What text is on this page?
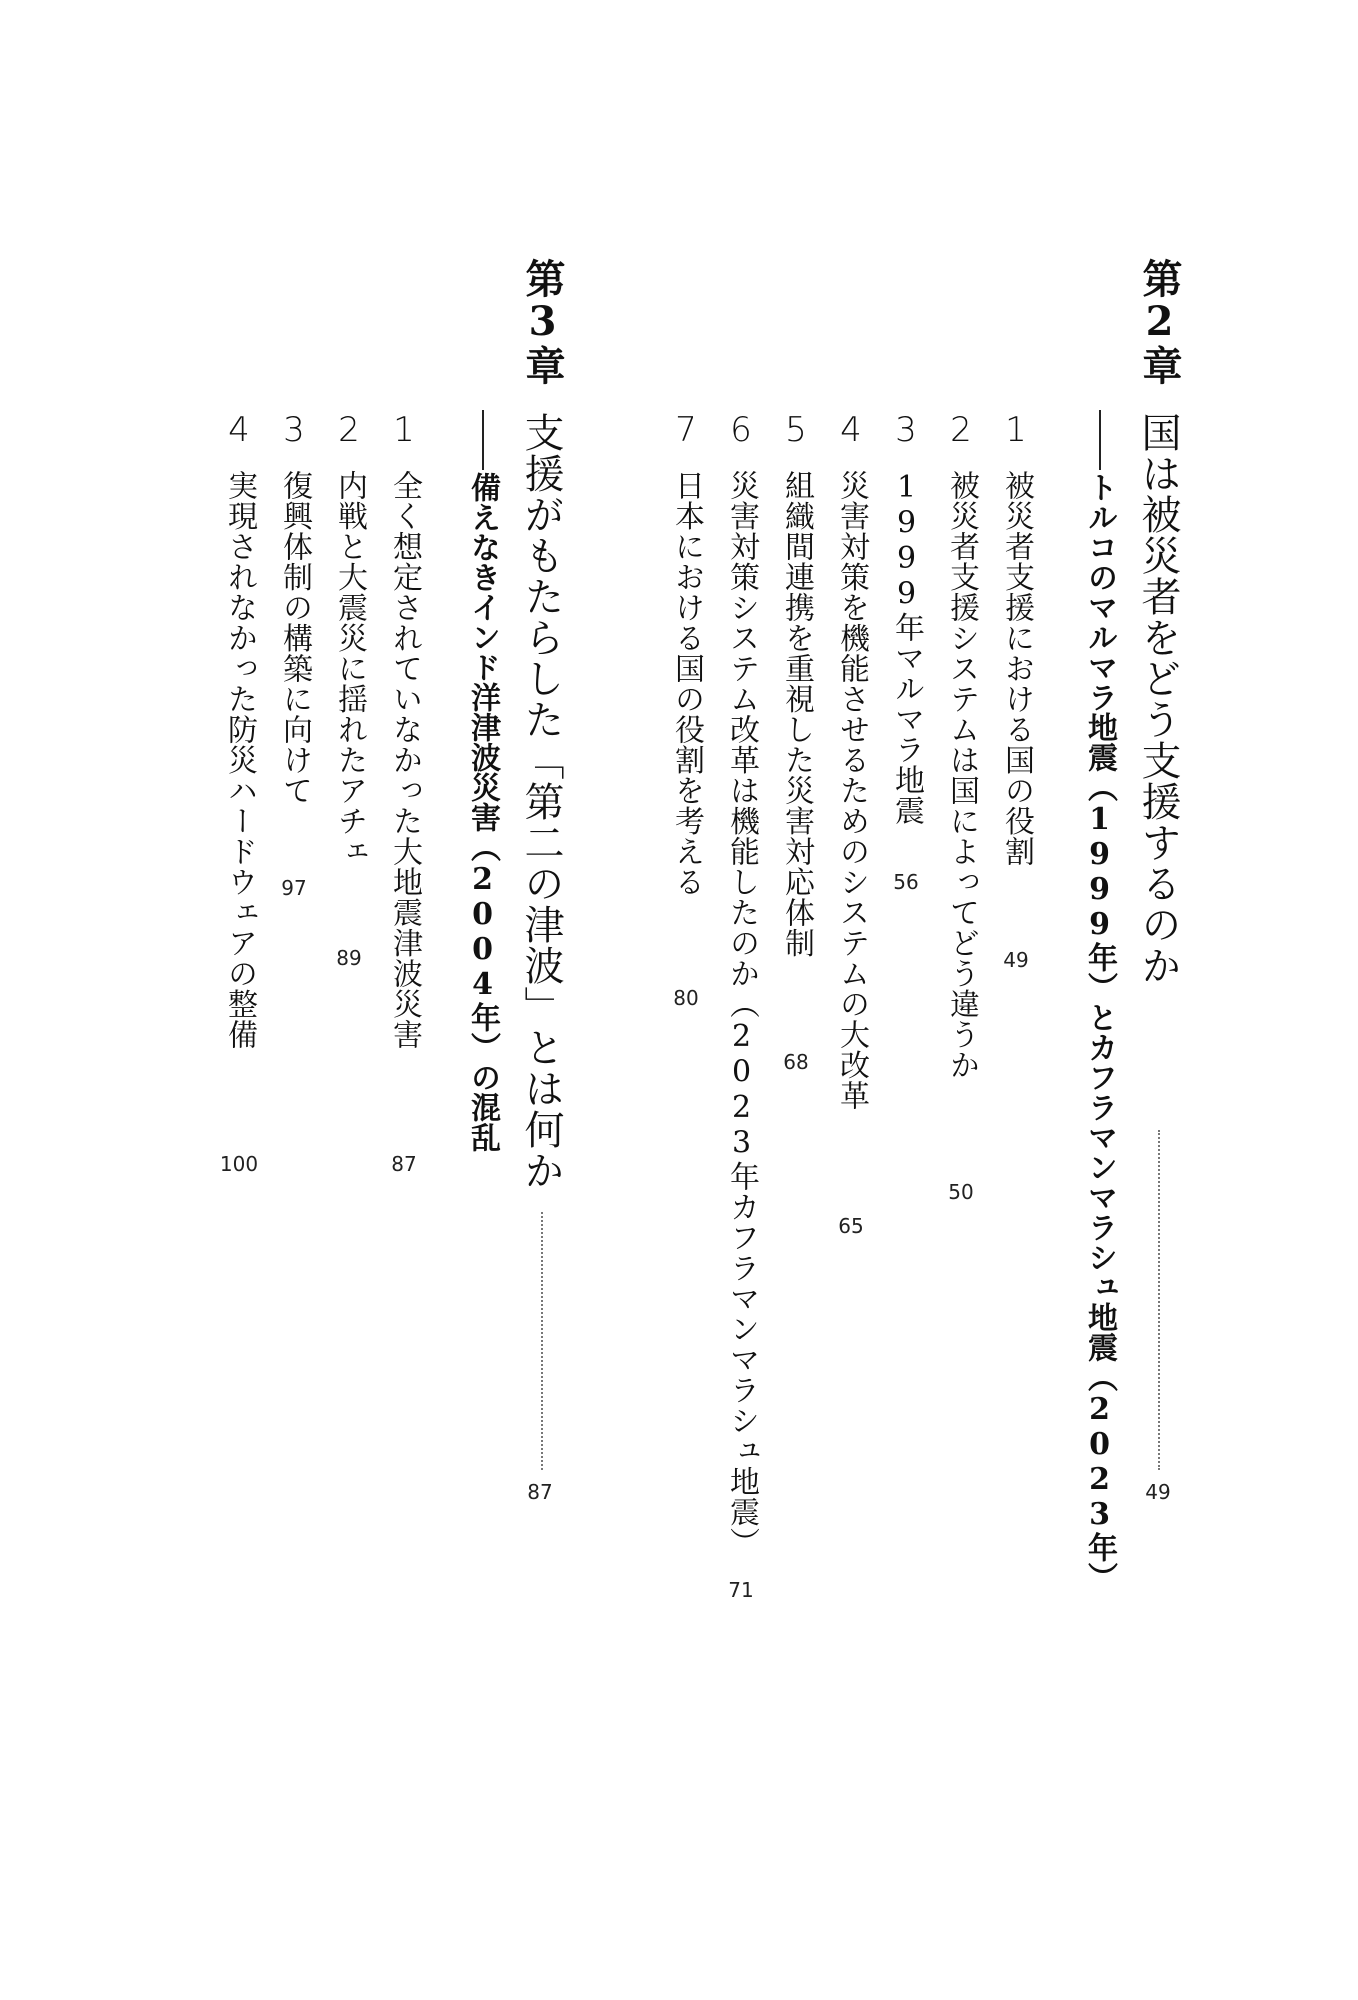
第2章
国は被災者をどう支援するのか
49
トルコのマルマラ地震（1999年）とカフラマンマラシュ地震（2023年）
1
被災者支援における国の役割
49
2
被災者支援システムは国によってどう違うか
50
3
1999年マルマラ地震
56
4
災害対策を機能させるためのシステムの大改革
65
5
組織間連携を重視した災害対応体制
68
6
災害対策システム改革は機能したのか（2023年カフラマンマラシュ地震）
71
7
日本における国の役割を考える
80
第3章
支援がもたらした「第二の津波」とは何か
87
備えなきインド洋津波災害（2004年）の混乱
1
全く想定されていなかった大地震津波災害
87
2
内戦と大震災に揺れたアチェ
89
3
復興体制の構築に向けて
97
4
実現されなかった防災ハードウェアの整備
100
